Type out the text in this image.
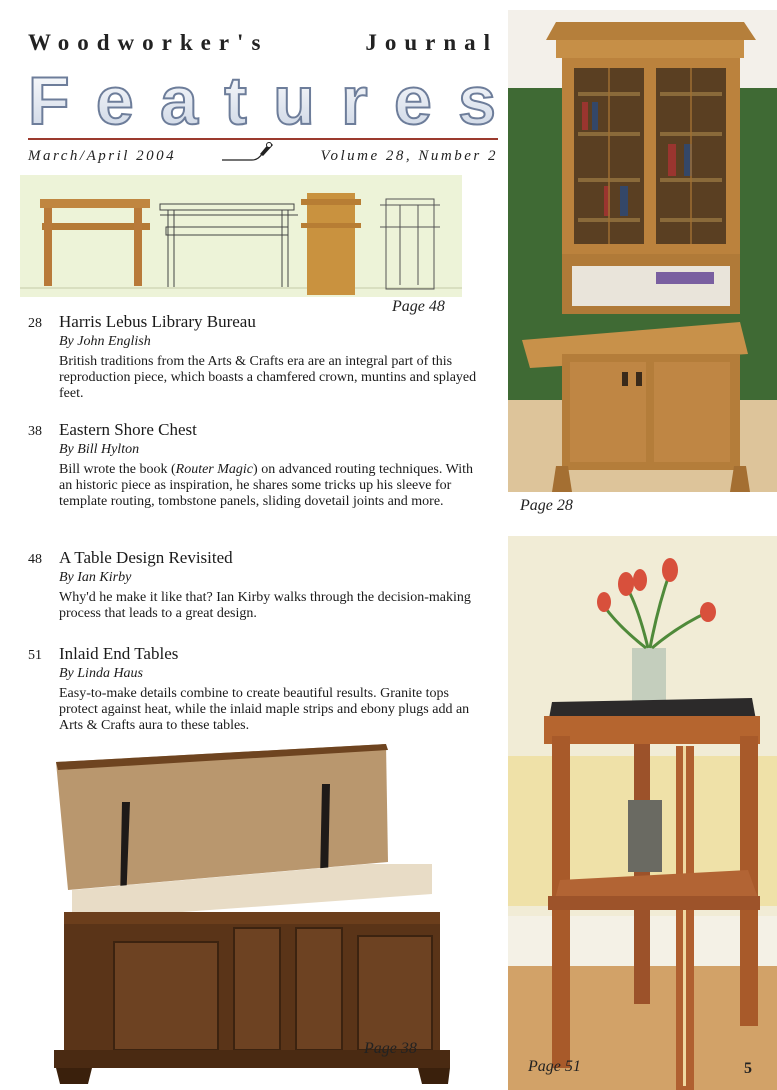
Woodworker's	Journal
Features
March/April 2004	Volume 28, Number 2
Page 48
28 Harris Lebus Library Bureau
By John English
British traditions from the Arts & Crafts era are an integral part of this reproduction piece, which boasts a chamfered crown, muntins and splayed feet.
38 Eastern Shore Chest
By Bill Hylton
Bill wrote the book (Router Magic) on advanced routing techniques. With an historic piece as inspiration, he shares some tricks up his sleeve for template routing, tombstone panels, sliding dovetail joints and more.
48 A Table Design Revisited
By Ian Kirby
Why'd he make it like that? Ian Kirby walks through the decision-making process that leads to a great design.
51 Inlaid End Tables
By Linda Haus
Easy-to-make details combine to create beautiful results. Granite tops protect against heat, while the inlaid maple strips and ebony plugs add an Arts & Crafts aura to these tables.
Page 28
Page 38
Page 51	5
